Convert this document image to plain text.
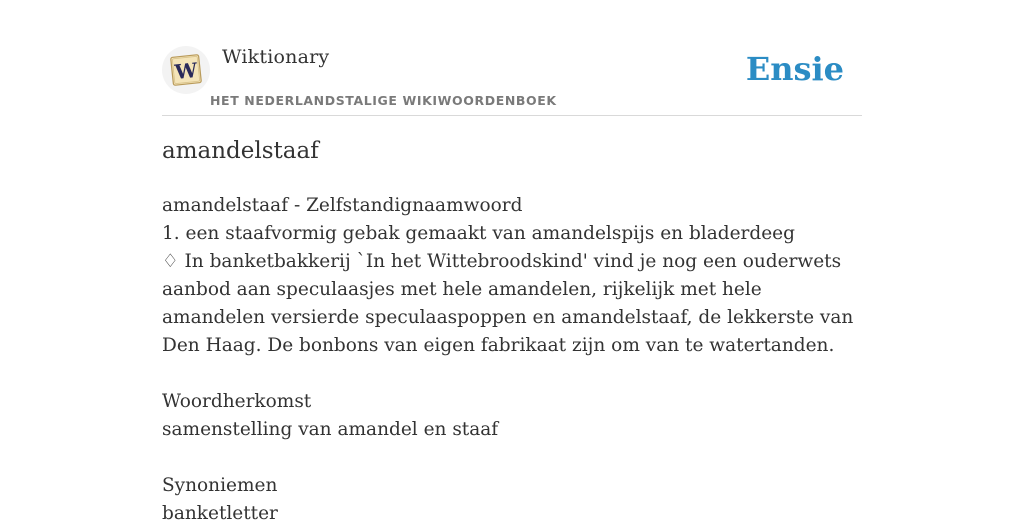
W
Wiktionary
HET NEDERLANDSTALIGE WIKIWOORDENBOEK
Ensie
amandelstaaf

amandelstaaf - Zelfstandignaamwoord

1. een staafvormig gebak gemaakt van amandelspijs en bladerdeeg

♢ In banketbakkerij `In het Wittebroodskind' vind je nog een ouderwets aanbod aan speculaasjes met hele amandelen, rijkelijk met hele amandelen versierde speculaaspoppen en amandelstaaf, de lekkerste van Den Haag. De bonbons van eigen fabrikaat zijn om van te watertanden.

Woordherkomst

samenstelling van amandel en staaf

Synoniemen

banketletter
